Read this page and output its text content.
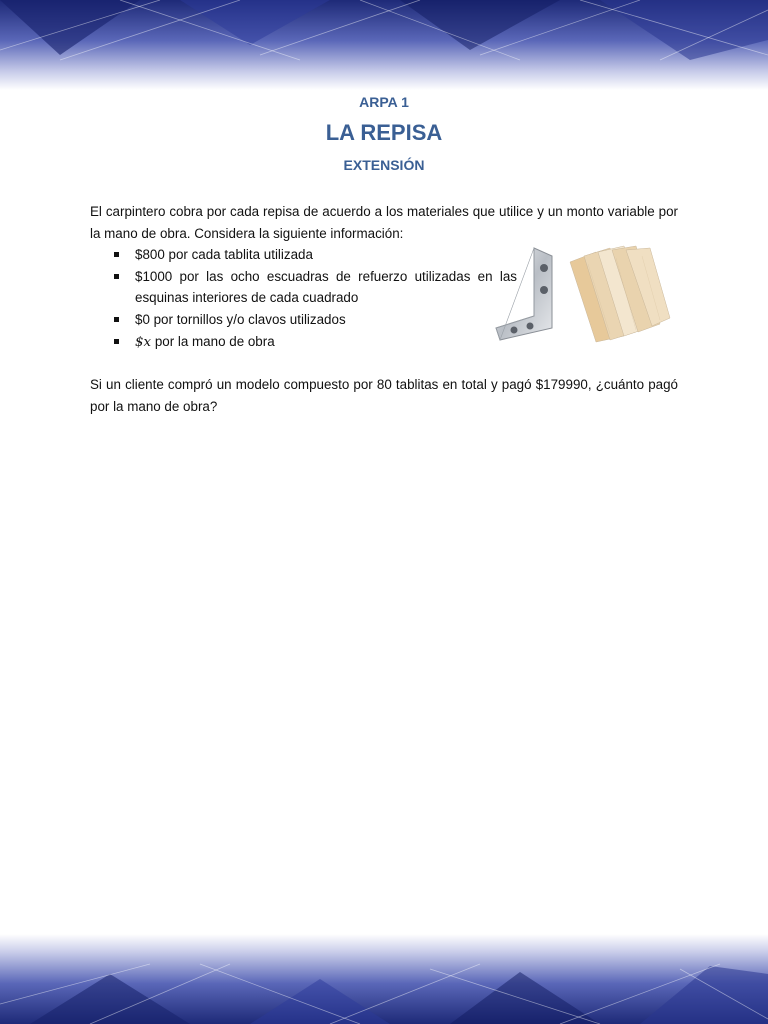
ARPA 1
LA REPISA
EXTENSIÓN

El carpintero cobra por cada repisa de acuerdo a los materiales que utilice y un monto variable por la mano de obra. Considera la siguiente información:

$800 por cada tablita utilizada
$1000 por las ocho escuadras de refuerzo utilizadas en las esquinas interiores de cada cuadrado
$0 por tornillos y/o clavos utilizados
$x por la mano de obra

Si un cliente compró un modelo compuesto por 80 tablitas en total y pagó $179990, ¿cuánto pagó por la mano de obra?
